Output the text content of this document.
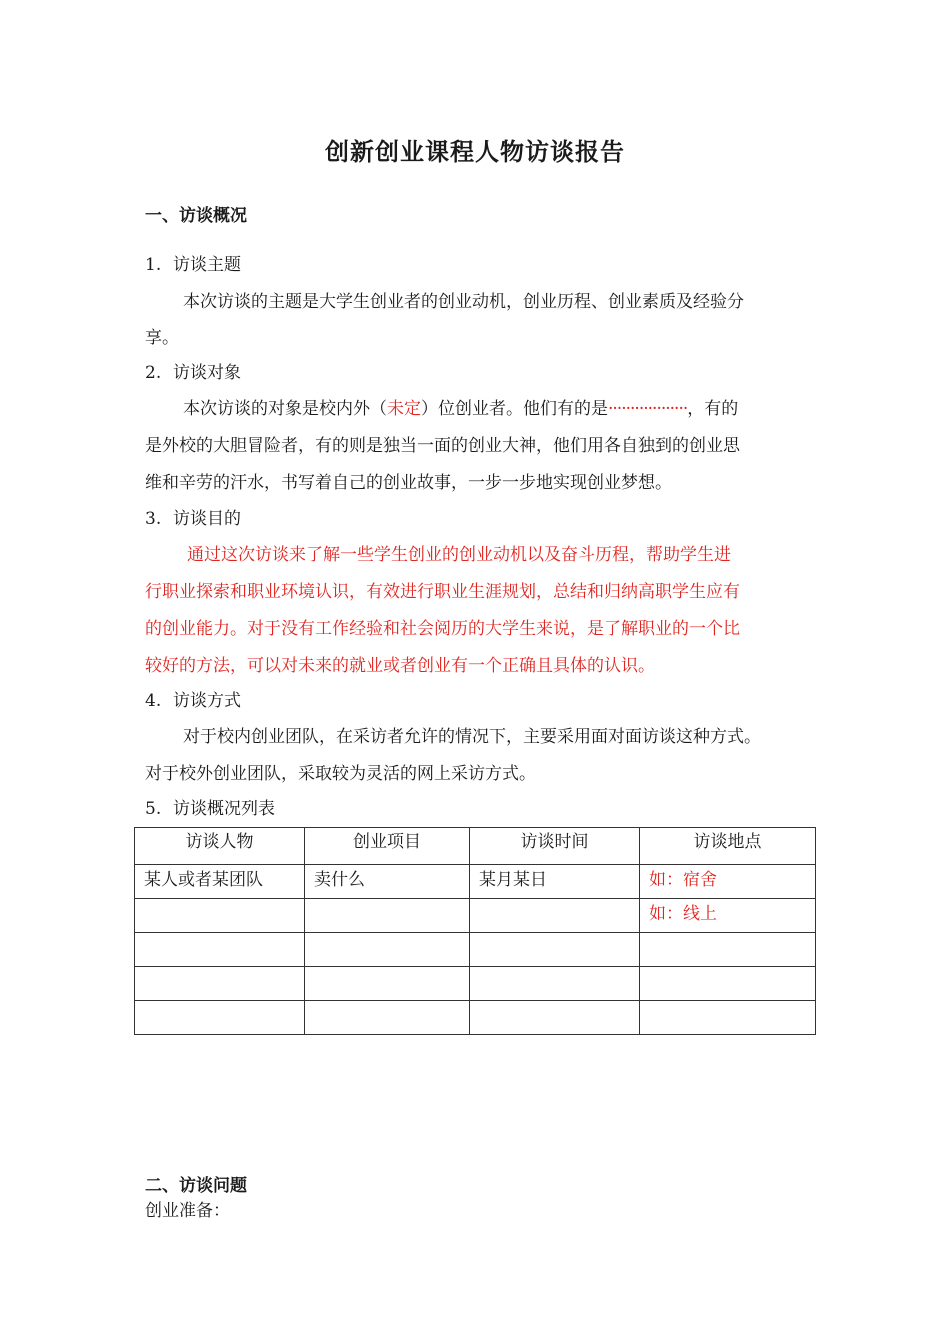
创新创业课程人物访谈报告
一、访谈概况
1. 访谈主题
本次访谈的主题是大学生创业者的创业动机，创业历程、创业素质及经验分
享。
2. 访谈对象
本次访谈的对象是校内外（未定）位创业者。他们有的是··················，有的
是外校的大胆冒险者，有的则是独当一面的创业大神，他们用各自独到的创业思
维和辛劳的汗水，书写着自己的创业故事，一步一步地实现创业梦想。
3. 访谈目的
通过这次访谈来了解一些学生创业的创业动机以及奋斗历程，帮助学生进
行职业探索和职业环境认识，有效进行职业生涯规划，总结和归纳高职学生应有
的创业能力。对于没有工作经验和社会阅历的大学生来说，是了解职业的一个比
较好的方法，可以对未来的就业或者创业有一个正确且具体的认识。
4. 访谈方式
对于校内创业团队，在采访者允许的情况下，主要采用面对面访谈这种方式。
对于校外创业团队，采取较为灵活的网上采访方式。
5. 访谈概况列表
访谈人物	创业项目	访谈时间	访谈地点
某人或者某团队	卖什么	某月某日	如：宿舍
			如：线上

二、访谈问题
创业准备：
